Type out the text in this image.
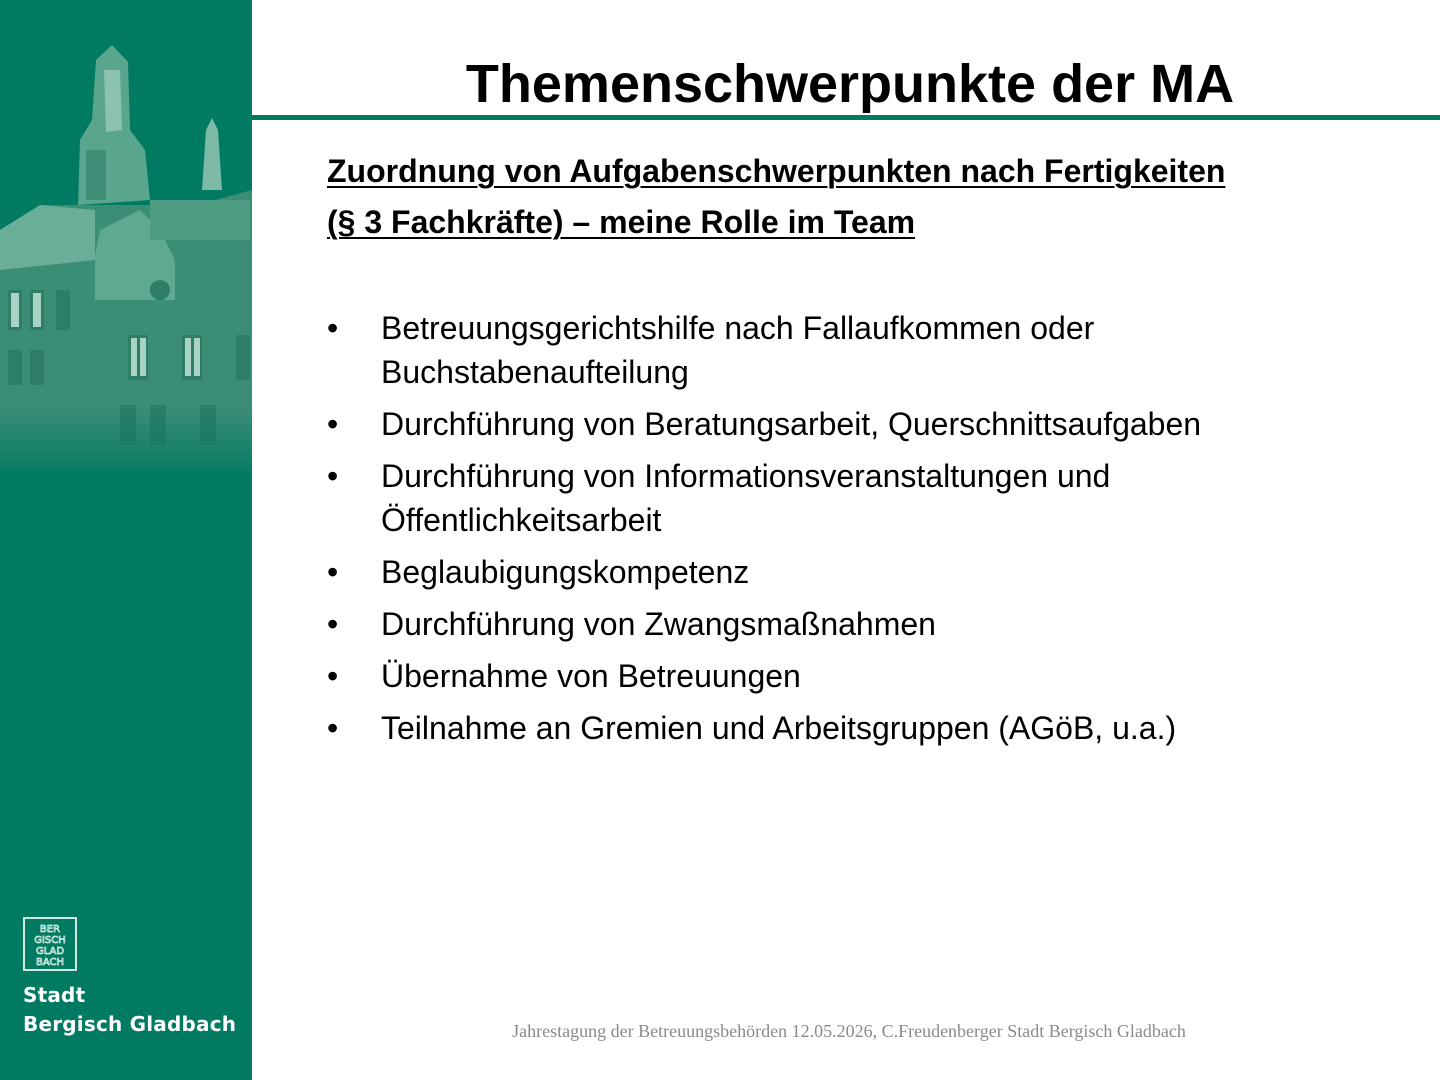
BER
GISCH
GLAD
BACH
Stadt
Bergisch Gladbach
Themenschwerpunkte der MA
Zuordnung von Aufgabenschwerpunkten nach Fertigkeiten
(§ 3 Fachkräfte) – meine Rolle im Team
• Betreuungsgerichtshilfe nach Fallaufkommen oder
Buchstabenaufteilung
• Durchführung von Beratungsarbeit, Querschnittsaufgaben
• Durchführung von Informationsveranstaltungen und
Öffentlichkeitsarbeit
• Beglaubigungskompetenz
• Durchführung von Zwangsmaßnahmen
• Übernahme von Betreuungen
• Teilnahme an Gremien und Arbeitsgruppen (AGöB, u.a.)
Jahrestagung der Betreuungsbehörden 12.05.2026, C.Freudenberger Stadt Bergisch Gladbach
